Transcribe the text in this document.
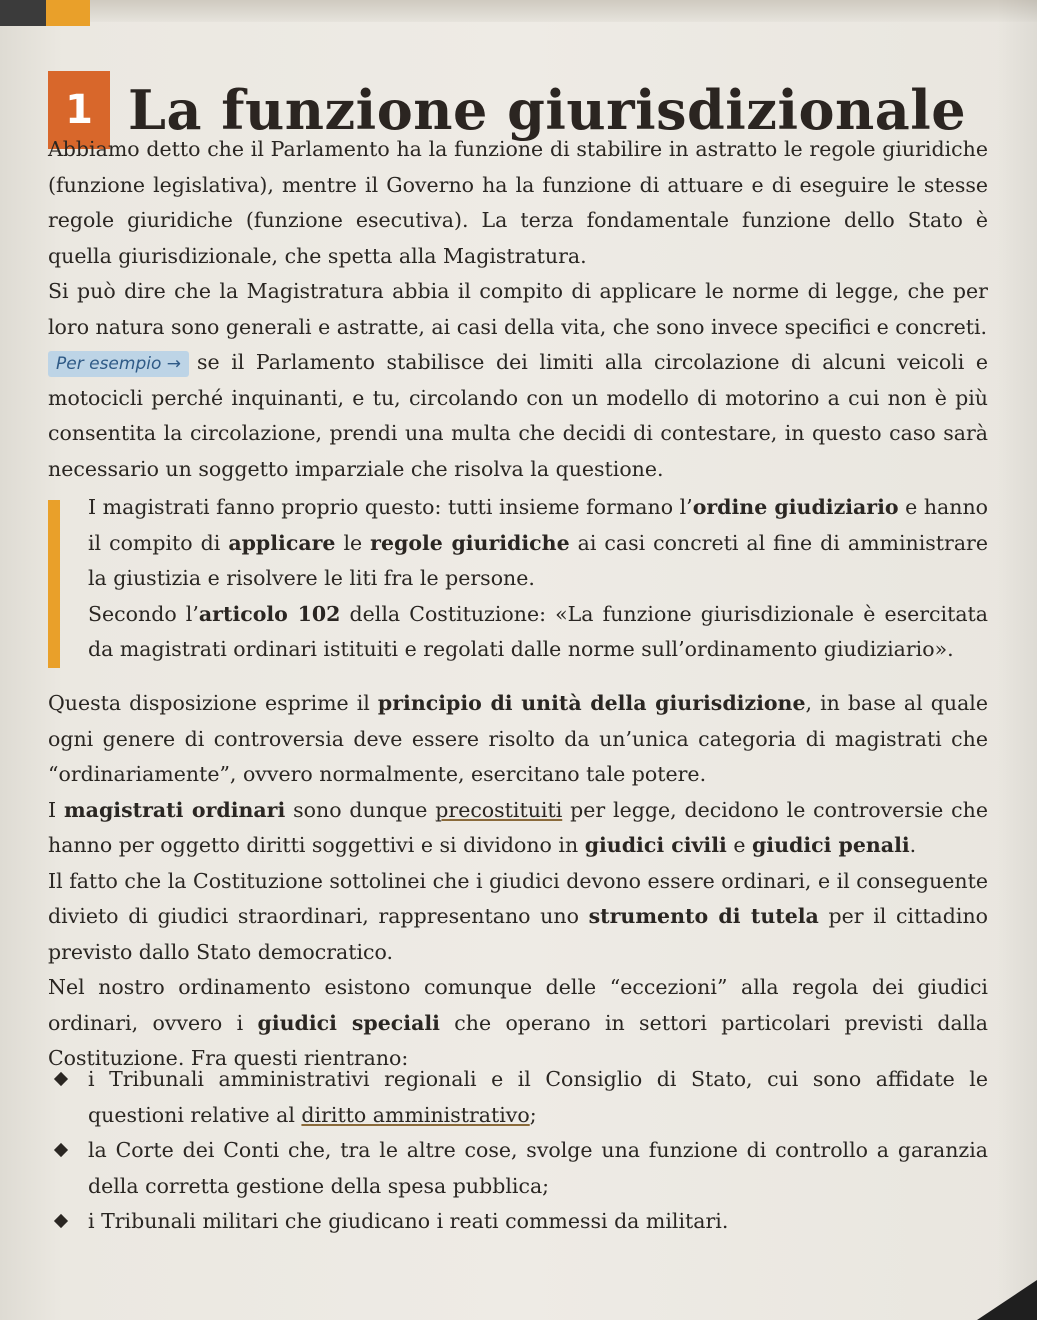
1 La funzione giurisdizionale

Abbiamo detto che il Parlamento ha la funzione di stabilire in astratto le regole giuridiche (funzione legislativa), mentre il Governo ha la funzione di attuare e di eseguire le stesse regole giuridiche (funzione esecutiva). La terza fondamentale funzione dello Stato è quella giurisdizionale, che spetta alla Magistratura.

Si può dire che la Magistratura abbia il compito di applicare le norme di legge, che per loro natura sono generali e astratte, ai casi della vita, che sono invece specifici e concreti.

Per esempio → se il Parlamento stabilisce dei limiti alla circolazione di alcuni veicoli e motocicli perché inquinanti, e tu, circolando con un modello di motorino a cui non è più consentita la circolazione, prendi una multa che decidi di contestare, in questo caso sarà necessario un soggetto imparziale che risolva la questione.

I magistrati fanno proprio questo: tutti insieme formano l’ordine giudiziario e hanno il compito di applicare le regole giuridiche ai casi concreti al fine di amministrare la giustizia e risolvere le liti fra le persone.

Secondo l’articolo 102 della Costituzione: «La funzione giurisdizionale è esercitata da magistrati ordinari istituiti e regolati dalle norme sull’ordinamento giudiziario».

Questa disposizione esprime il principio di unità della giurisdizione, in base al quale ogni genere di controversia deve essere risolto da un’unica categoria di magistrati che “ordinariamente”, ovvero normalmente, esercitano tale potere.

I magistrati ordinari sono dunque precostituiti per legge, decidono le controversie che hanno per oggetto diritti soggettivi e si dividono in giudici civili e giudici penali.

Il fatto che la Costituzione sottolinei che i giudici devono essere ordinari, e il conseguente divieto di giudici straordinari, rappresentano uno strumento di tutela per il cittadino previsto dallo Stato democratico.

Nel nostro ordinamento esistono comunque delle “eccezioni” alla regola dei giudici ordinari, ovvero i giudici speciali che operano in settori particolari previsti dalla Costituzione. Fra questi rientrano:

i Tribunali amministrativi regionali e il Consiglio di Stato, cui sono affidate le questioni relative al diritto amministrativo;
la Corte dei Conti che, tra le altre cose, svolge una funzione di controllo a garanzia della corretta gestione della spesa pubblica;
i Tribunali militari che giudicano i reati commessi da militari.
